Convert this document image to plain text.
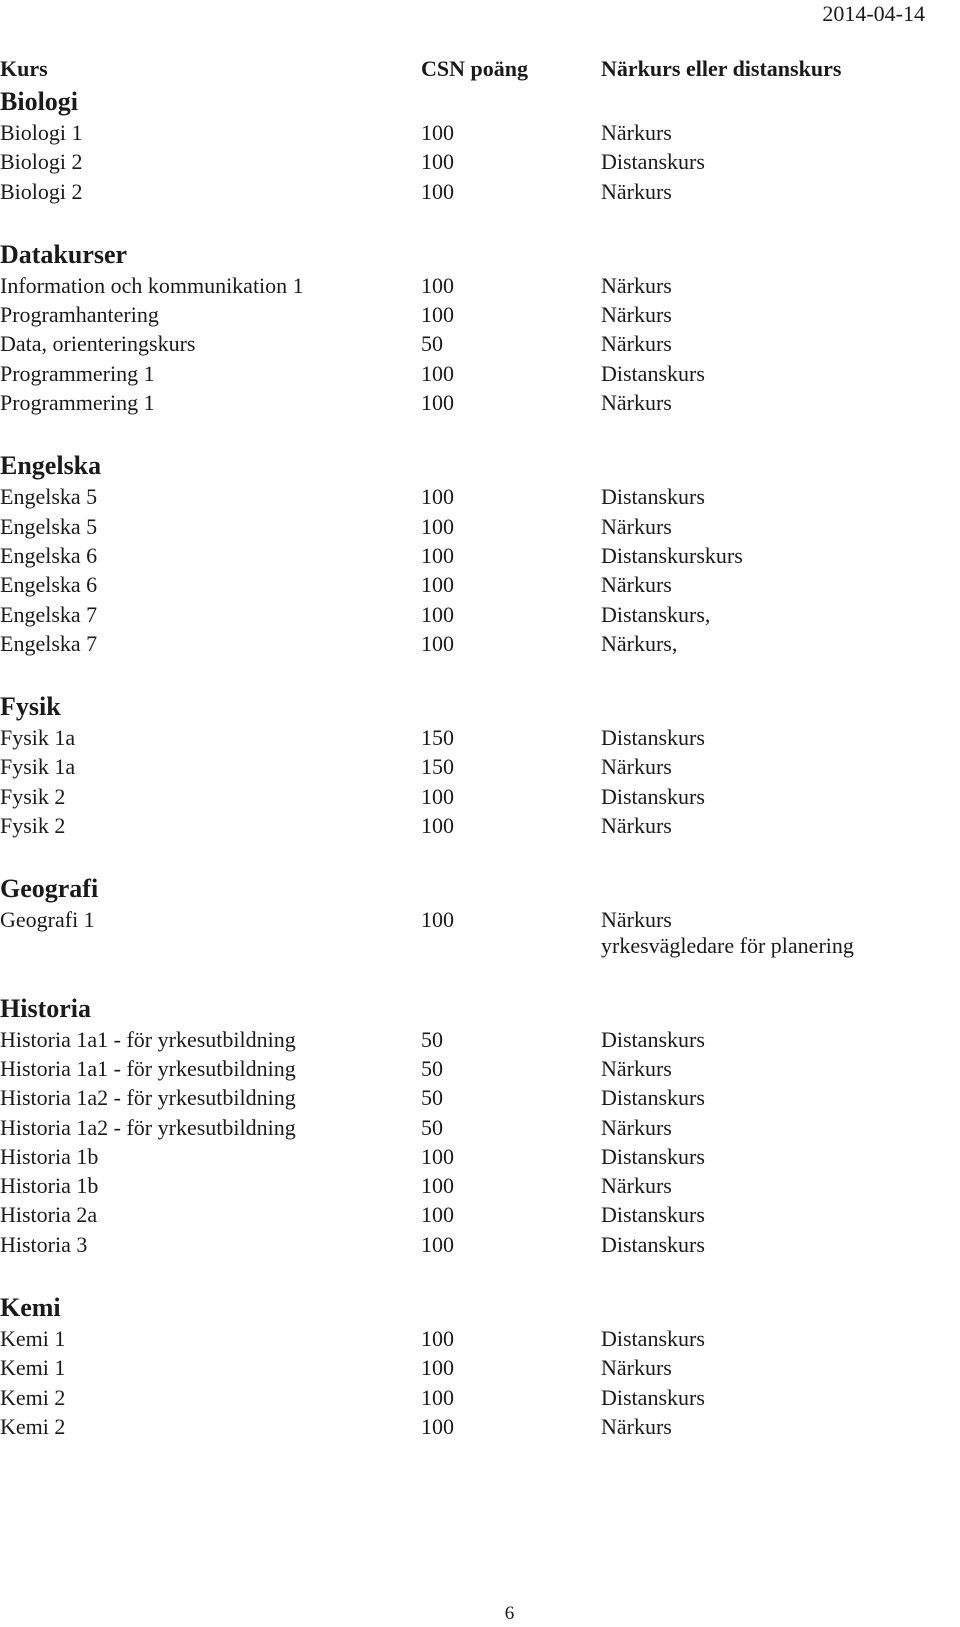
2014-04-14
Kurs	CSN poäng	Närkurs eller distanskurs
Biologi
Biologi 1	100	Närkurs
Biologi 2	100	Distanskurs
Biologi 2	100	Närkurs
Datakurser
Information och kommunikation 1	100	Närkurs
Programhantering	100	Närkurs
Data, orienteringskurs	50	Närkurs
Programmering 1	100	Distanskurs
Programmering 1	100	Närkurs
Engelska
Engelska 5	100	Distanskurs
Engelska 5	100	Närkurs
Engelska 6	100	Distanskurskurs
Engelska 6	100	Närkurs
Engelska 7	100	Distanskurs,
Engelska 7	100	Närkurs,
Fysik
Fysik 1a	150	Distanskurs
Fysik 1a	150	Närkurs
Fysik 2	100	Distanskurs
Fysik 2	100	Närkurs
Geografi
Geografi 1	100	Närkurs
yrkesvägledare för planering
Historia
Historia 1a1 - för yrkesutbildning	50	Distanskurs
Historia 1a1 - för yrkesutbildning	50	Närkurs
Historia 1a2 - för yrkesutbildning	50	Distanskurs
Historia 1a2 - för yrkesutbildning	50	Närkurs
Historia 1b	100	Distanskurs
Historia 1b	100	Närkurs
Historia 2a	100	Distanskurs
Historia 3	100	Distanskurs
Kemi
Kemi 1	100	Distanskurs
Kemi 1	100	Närkurs
Kemi 2	100	Distanskurs
Kemi 2	100	Närkurs
6
